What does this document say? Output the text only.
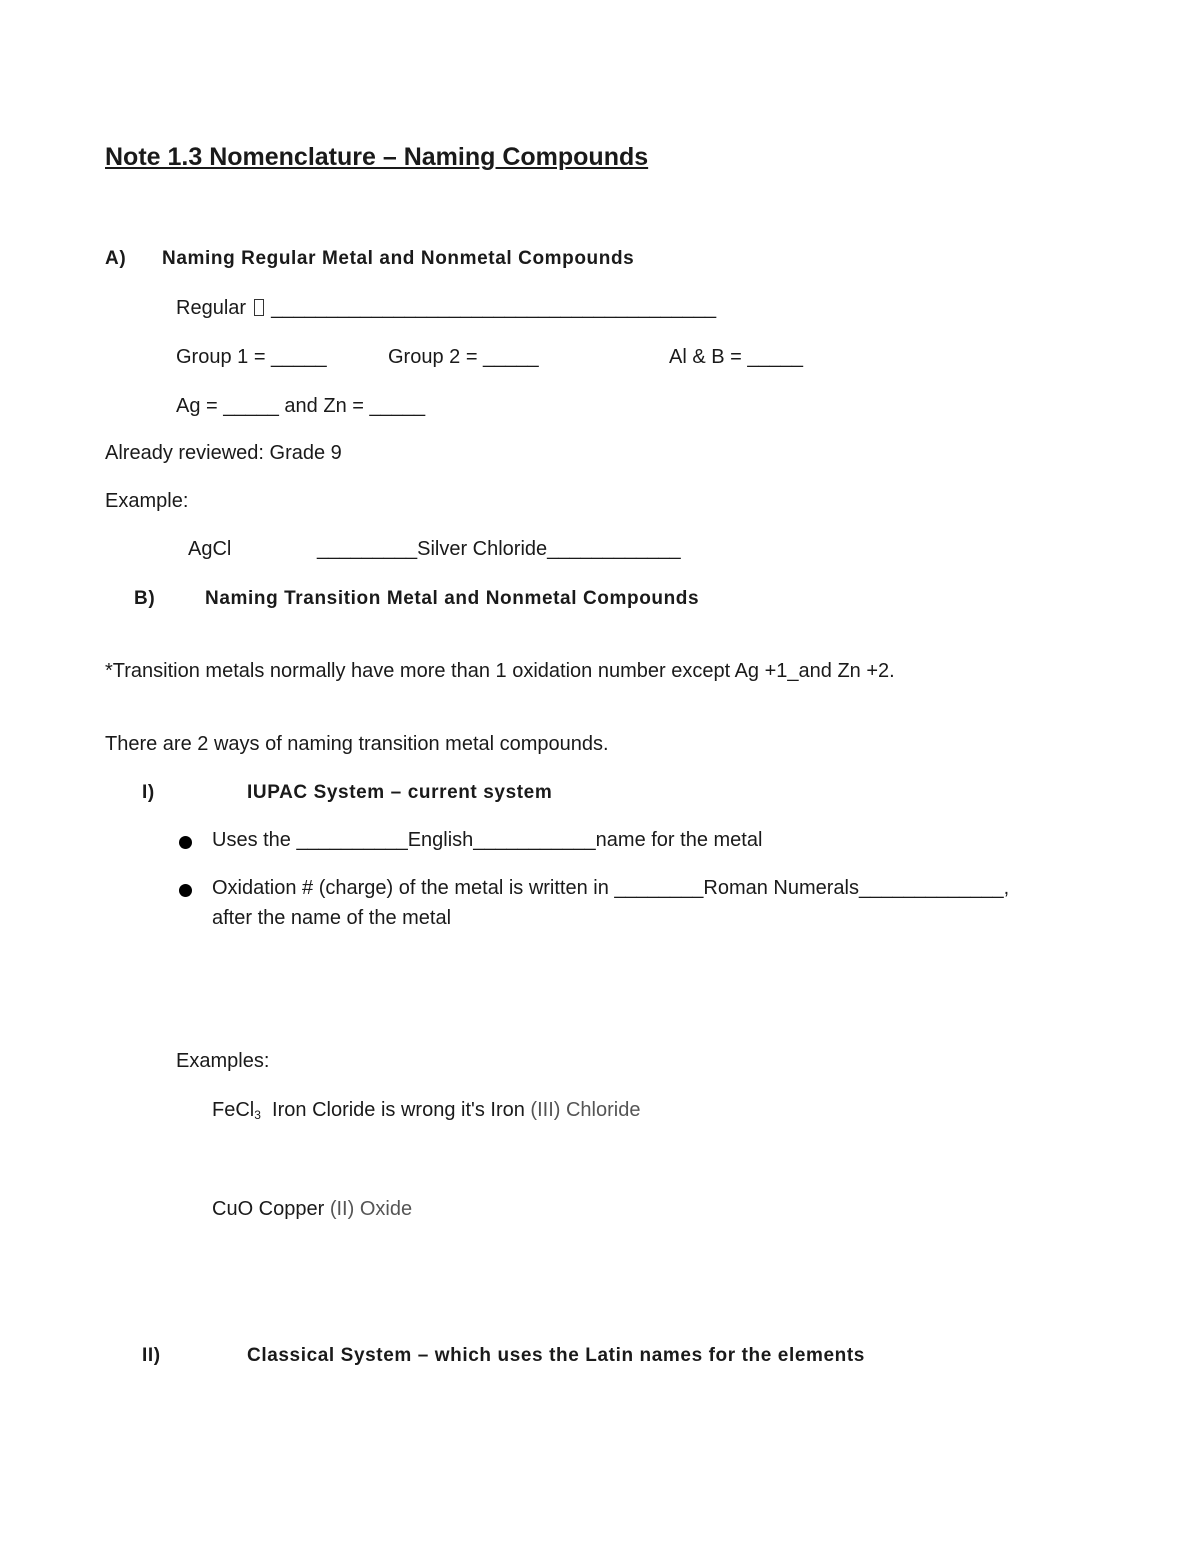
Note 1.3 Nomenclature – Naming Compounds
A) Naming Regular Metal and Nonmetal Compounds
Regular ________________________________________
Group 1 = _____	Group 2 = _____	Al & B = _____
Ag = _____ and Zn = _____
Already reviewed: Grade 9
Example:
AgCl	_________Silver Chloride____________
B)	Naming Transition Metal and Nonmetal Compounds
*Transition metals normally have more than 1 oxidation number except Ag +1_and Zn +2.
There are 2 ways of naming transition metal compounds.
I)	IUPAC System – current system
Uses the __________English___________name for the metal
Oxidation # (charge) of the metal is written in ________Roman Numerals_____________,
after the name of the metal
Examples:
FeCl$_3$ Iron Cloride is wrong it's Iron (III) Chloride
CuO Copper (II) Oxide
II)	Classical System – which uses the Latin names for the elements
